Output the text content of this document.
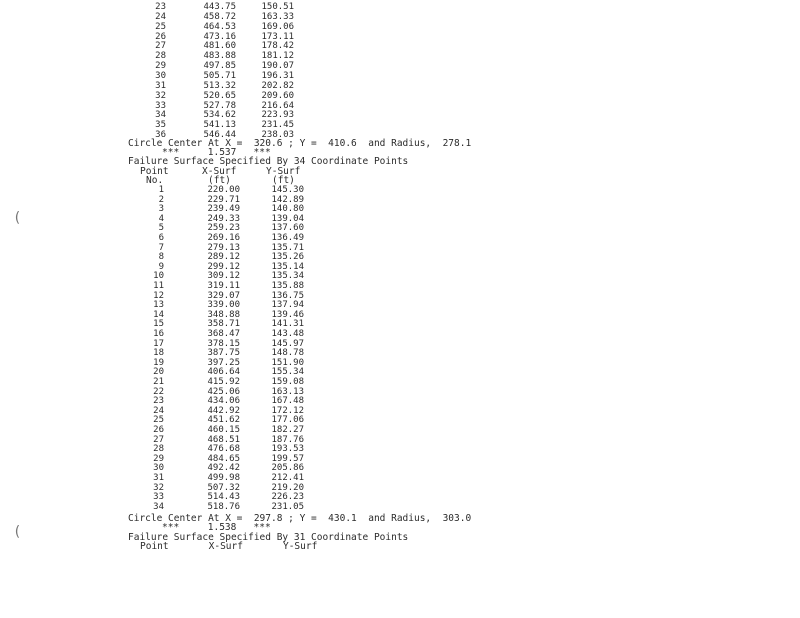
23	443.75	150.51
24	458.72	163.33
25	464.53	169.06
26	473.16	173.11
27	481.60	178.42
28	483.88	181.12
29	497.85	190.07
30	505.71	196.31
31	513.32	202.82
32	520.65	209.60
33	527.78	216.64
34	534.62	223.93
35	541.13	231.45
36	546.44	238.03
Circle Center At X =  320.6 ; Y =  410.6  and Radius,  278.1
***     1.537   ***
Failure Surface Specified By 34 Coordinate Points
Point	X-Surf	Y-Surf
No.	(ft)	(ft)
1	220.00	145.30
2	229.71	142.89
3	239.49	140.80
4	249.33	139.04
5	259.23	137.60
6	269.16	136.49
7	279.13	135.71
8	289.12	135.26
9	299.12	135.14
10	309.12	135.34
11	319.11	135.88
12	329.07	136.75
13	339.00	137.94
14	348.88	139.46
15	358.71	141.31
16	368.47	143.48
17	378.15	145.97
18	387.75	148.78
19	397.25	151.90
20	406.64	155.34
21	415.92	159.08
22	425.06	163.13
23	434.06	167.48
24	442.92	172.12
25	451.62	177.06
26	460.15	182.27
27	468.51	187.76
28	476.68	193.53
29	484.65	199.57
30	492.42	205.86
31	499.98	212.41
32	507.32	219.20
33	514.43	226.23
34	518.76	231.05
Circle Center At X =  297.8 ; Y =  430.1  and Radius,  303.0
***     1.538   ***
Failure Surface Specified By 31 Coordinate Points
Point       X-Surf       Y-Surf
(
(
